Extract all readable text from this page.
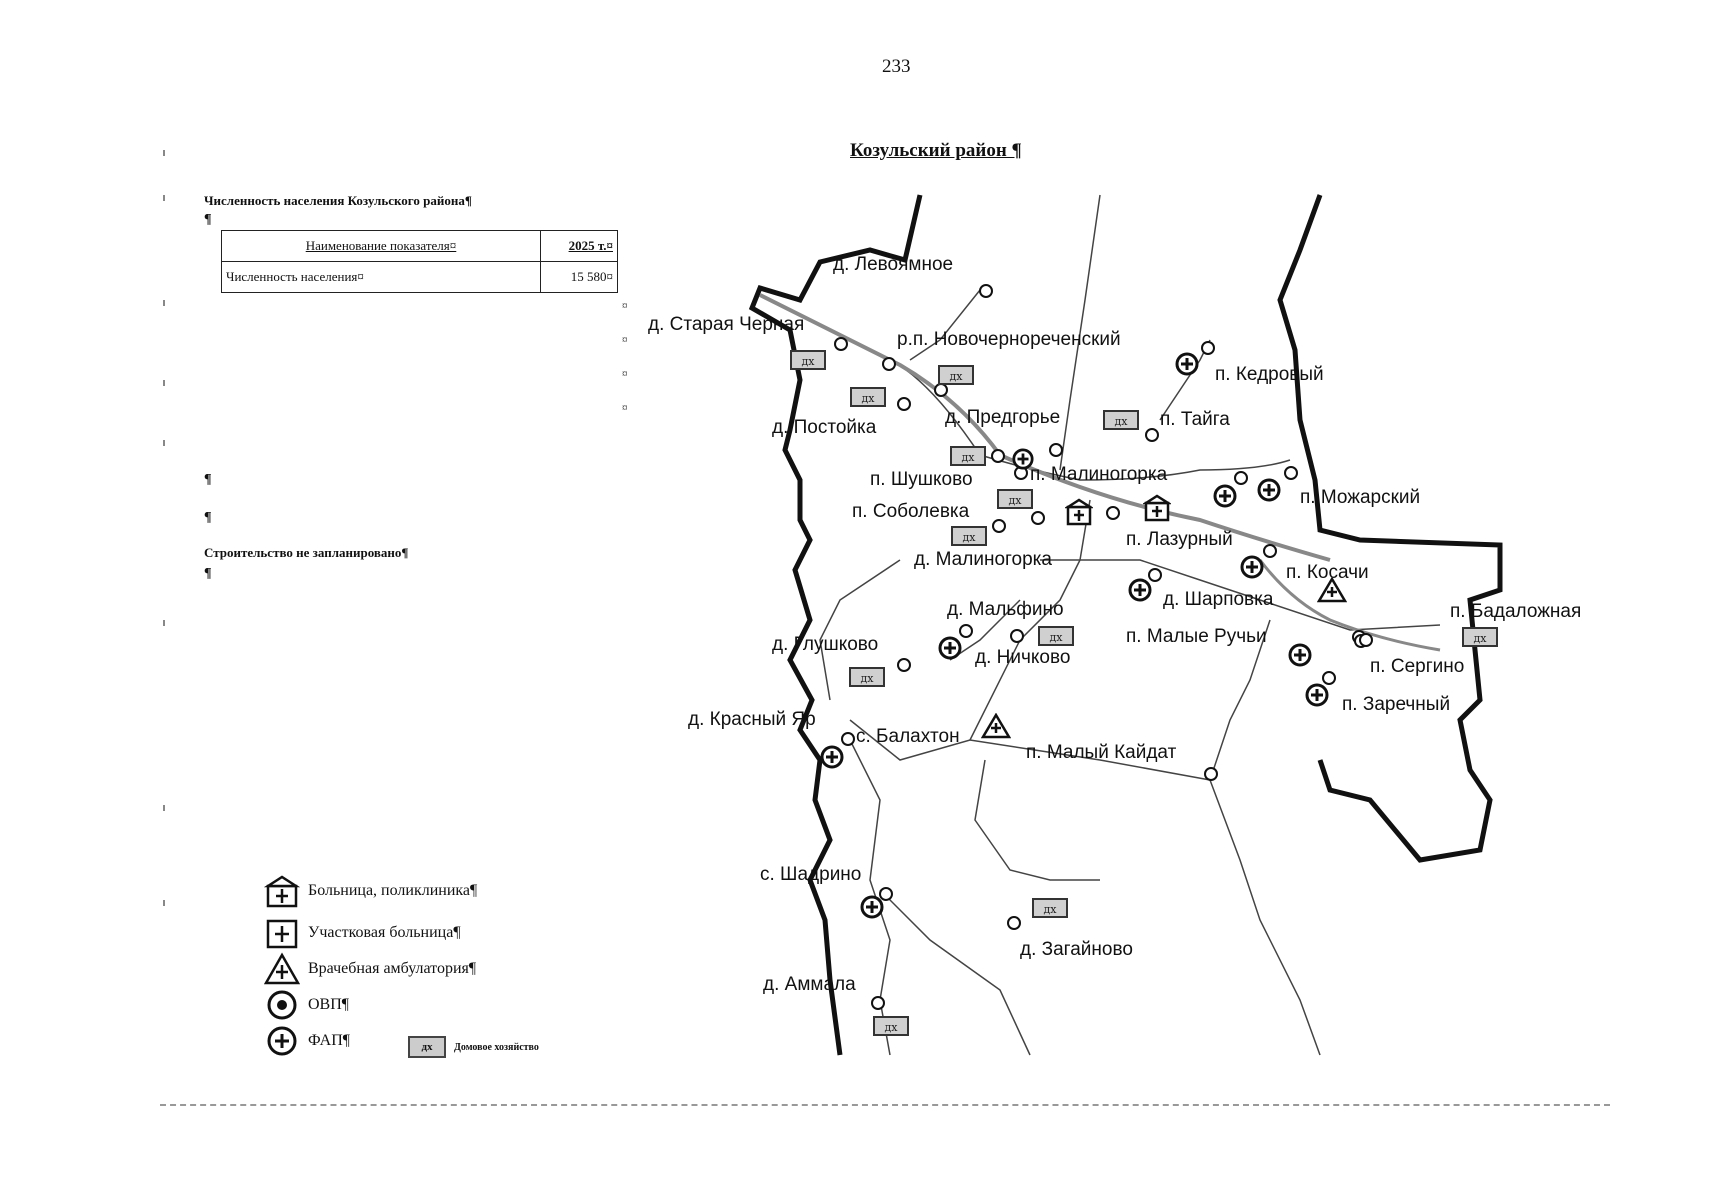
233
Козульский район ¶
Численность населения Козульского района¶
¶
Наименование показателя¤	2025 т.¤
Численность населения¤	15 580¤
¤
¤
¤
¤
¶
¶
Строительство не запланировано¶
¶
д. Левоямное
д. Старая Черная
р.п. Новочернореченский
п. Кедровый
д. Постойка	д. Предгорье	п. Тайга
п. Шушково	п. Малиногорка
п. Можарский
п. Соболевка
п. Лазурный
д. Малиногорка
п. Косачи
д. Шарповка
п. Бадаложная
д. Мальфино
п. Малые Ручьи
д. Глушково
д. Ничково	п. Сергино
п. Заречный
д. Красный Яр
с. Балахтон
п. Малый Кайдат
с. Шадрино
д. Загайново
д. Аммала
Больница, поликлиника¶
Участковая больница¶
Врачебная амбулатория¶
ОВП¶
ФАП¶	дх	Домовое хозяйство
